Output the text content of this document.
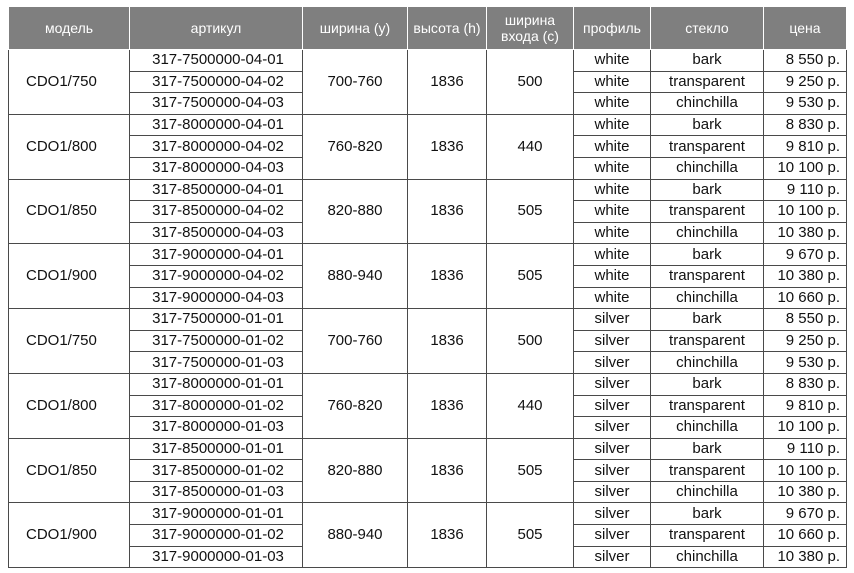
модель	артикул	ширина (y)	высота (h)	ширина входа (c)	профиль	стекло	цена
CDO1/750	317-7500000-04-01	700-760	1836	500	white	bark	8 550 р.
	317-7500000-04-02				white	transparent	9 250 р.
	317-7500000-04-03				white	chinchilla	9 530 р.
CDO1/800	317-8000000-04-01	760-820	1836	440	white	bark	8 830 р.
	317-8000000-04-02				white	transparent	9 810 р.
	317-8000000-04-03				white	chinchilla	10 100 р.
CDO1/850	317-8500000-04-01	820-880	1836	505	white	bark	9 110 р.
	317-8500000-04-02				white	transparent	10 100 р.
	317-8500000-04-03				white	chinchilla	10 380 р.
CDO1/900	317-9000000-04-01	880-940	1836	505	white	bark	9 670 р.
	317-9000000-04-02				white	transparent	10 380 р.
	317-9000000-04-03				white	chinchilla	10 660 р.
CDO1/750	317-7500000-01-01	700-760	1836	500	silver	bark	8 550 р.
	317-7500000-01-02				silver	transparent	9 250 р.
	317-7500000-01-03				silver	chinchilla	9 530 р.
CDO1/800	317-8000000-01-01	760-820	1836	440	silver	bark	8 830 р.
	317-8000000-01-02				silver	transparent	9 810 р.
	317-8000000-01-03				silver	chinchilla	10 100 р.
CDO1/850	317-8500000-01-01	820-880	1836	505	silver	bark	9 110 р.
	317-8500000-01-02				silver	transparent	10 100 р.
	317-8500000-01-03				silver	chinchilla	10 380 р.
CDO1/900	317-9000000-01-01	880-940	1836	505	silver	bark	9 670 р.
	317-9000000-01-02				silver	transparent	10 660 р.
	317-9000000-01-03				silver	chinchilla	10 380 р.
